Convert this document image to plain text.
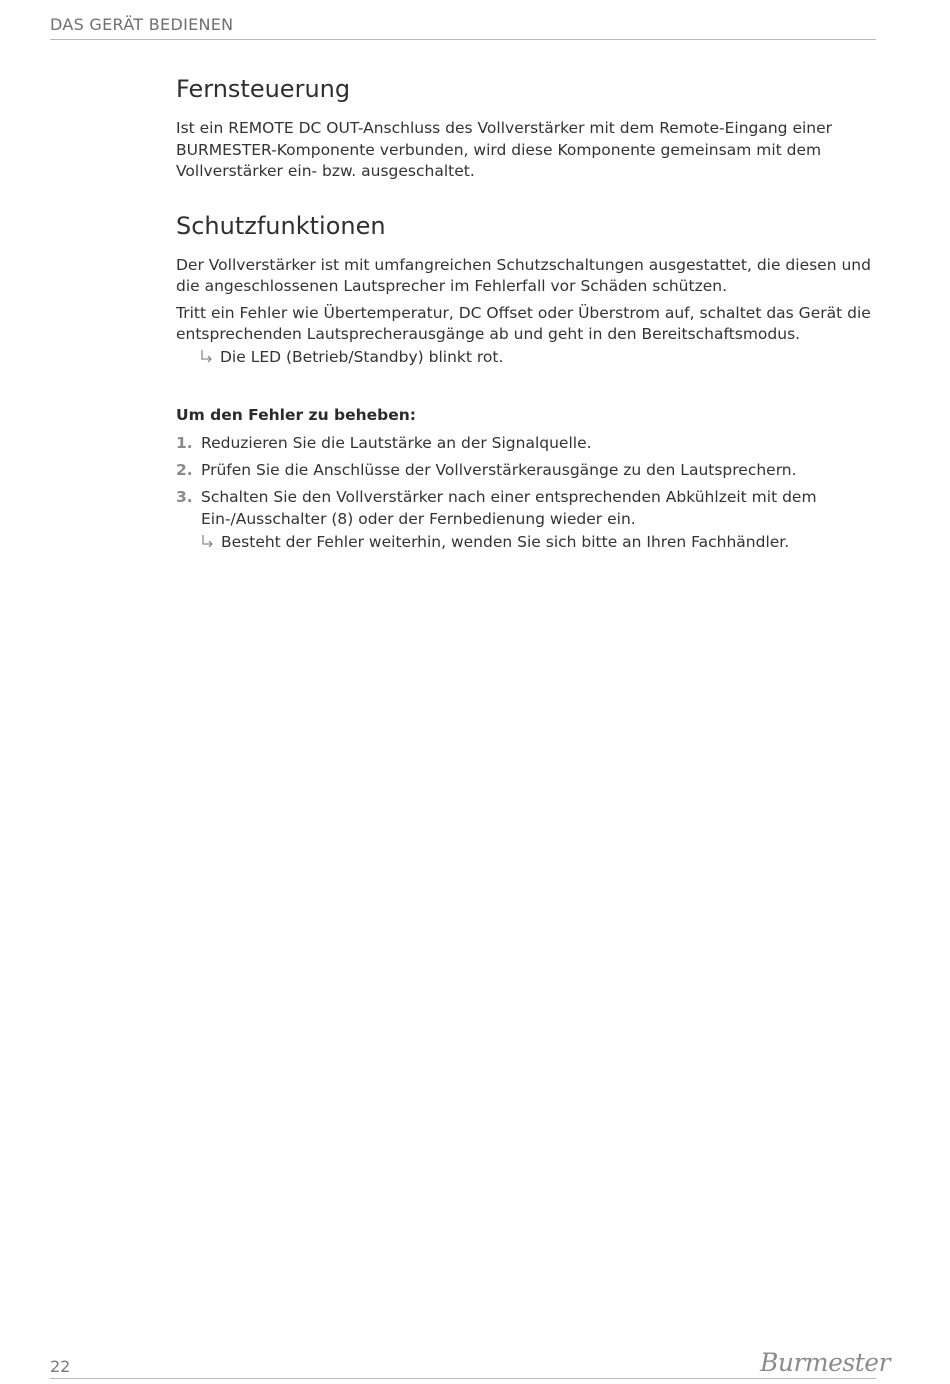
DAS GERÄT BEDIENEN
Fernsteuerung

Ist ein REMOTE DC OUT-Anschluss des Vollverstärker mit dem Remote-Eingang einer BURMESTER-Komponente verbunden, wird diese Komponente gemeinsam mit dem Vollverstärker ein- bzw. ausgeschaltet.

Schutzfunktionen

Der Vollverstärker ist mit umfangreichen Schutzschaltungen ausgestattet, die diesen und die angeschlossenen Lautsprecher im Fehlerfall vor Schäden schützen.

Tritt ein Fehler wie Übertemperatur, DC Offset oder Überstrom auf, schaltet das Gerät die entsprechenden Lautsprecherausgänge ab und geht in den Bereitschaftsmodus.

Die LED (Betrieb/Standby) blinkt rot.
Um den Fehler zu beheben:
1. Reduzieren Sie die Lautstärke an der Signalquelle.
2. Prüfen Sie die Anschlüsse der Vollverstärkerausgänge zu den Lautsprechern.
3. Schalten Sie den Vollverstärker nach einer entsprechenden Abkühlzeit mit dem Ein-/Ausschalter (8) oder der Fernbedienung wieder ein.
Besteht der Fehler weiterhin, wenden Sie sich bitte an Ihren Fachhändler.
22	Burmester
